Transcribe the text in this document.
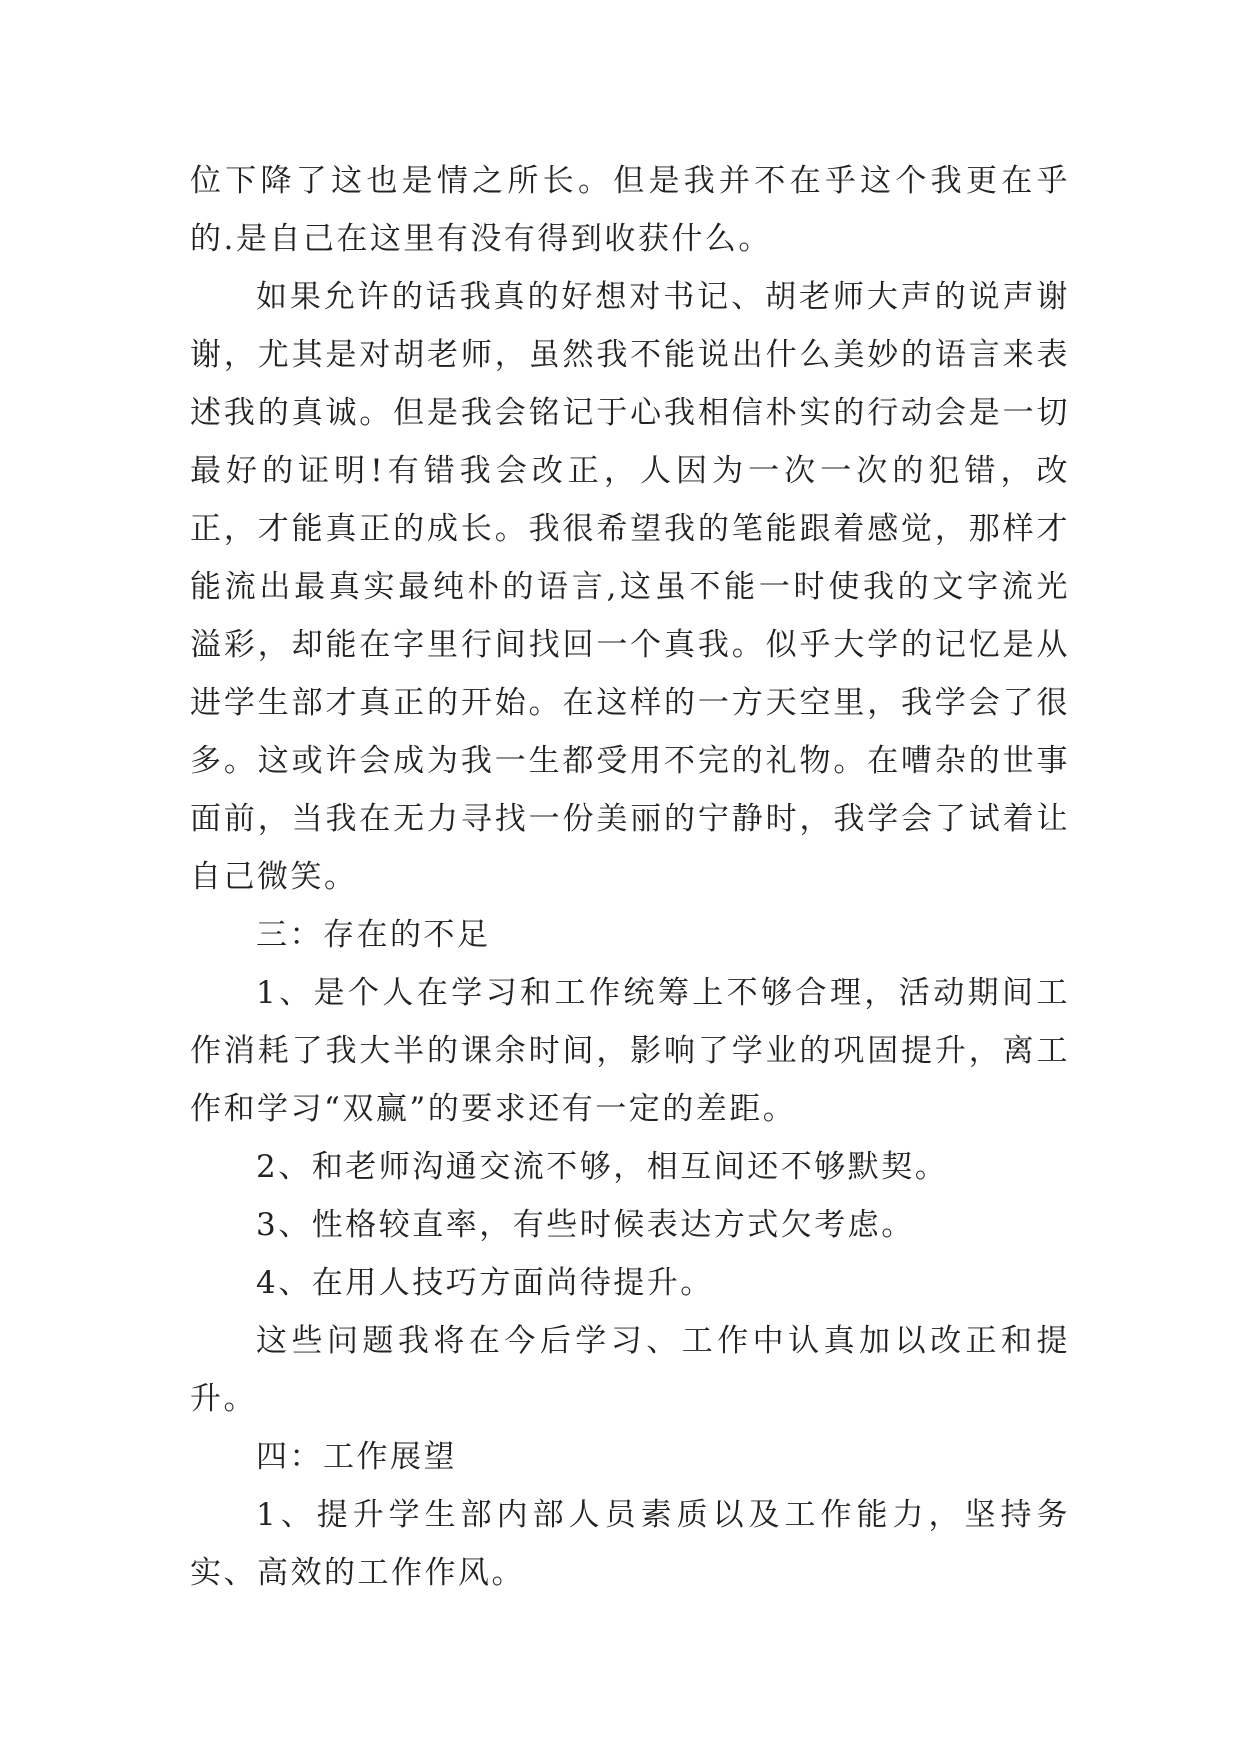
位下降了这也是情之所长。但是我并不在乎这个我更在乎的.是自己在这里有没有得到收获什么。

如果允许的话我真的好想对书记、胡老师大声的说声谢谢，尤其是对胡老师，虽然我不能说出什么美妙的语言来表述我的真诚。但是我会铭记于心我相信朴实的行动会是一切最好的证明!有错我会改正，人因为一次一次的犯错，改正，才能真正的成长。我很希望我的笔能跟着感觉，那样才能流出最真实最纯朴的语言,这虽不能一时使我的文字流光溢彩，却能在字里行间找回一个真我。似乎大学的记忆是从进学生部才真正的开始。在这样的一方天空里，我学会了很多。这或许会成为我一生都受用不完的礼物。在嘈杂的世事面前，当我在无力寻找一份美丽的宁静时，我学会了试着让自己微笑。

三：存在的不足

1、是个人在学习和工作统筹上不够合理，活动期间工作消耗了我大半的课余时间，影响了学业的巩固提升，离工作和学习“双赢”的要求还有一定的差距。

2、和老师沟通交流不够，相互间还不够默契。

3、性格较直率，有些时候表达方式欠考虑。

4、在用人技巧方面尚待提升。

这些问题我将在今后学习、工作中认真加以改正和提升。

四：工作展望

1、提升学生部内部人员素质以及工作能力，坚持务实、高效的工作作风。
